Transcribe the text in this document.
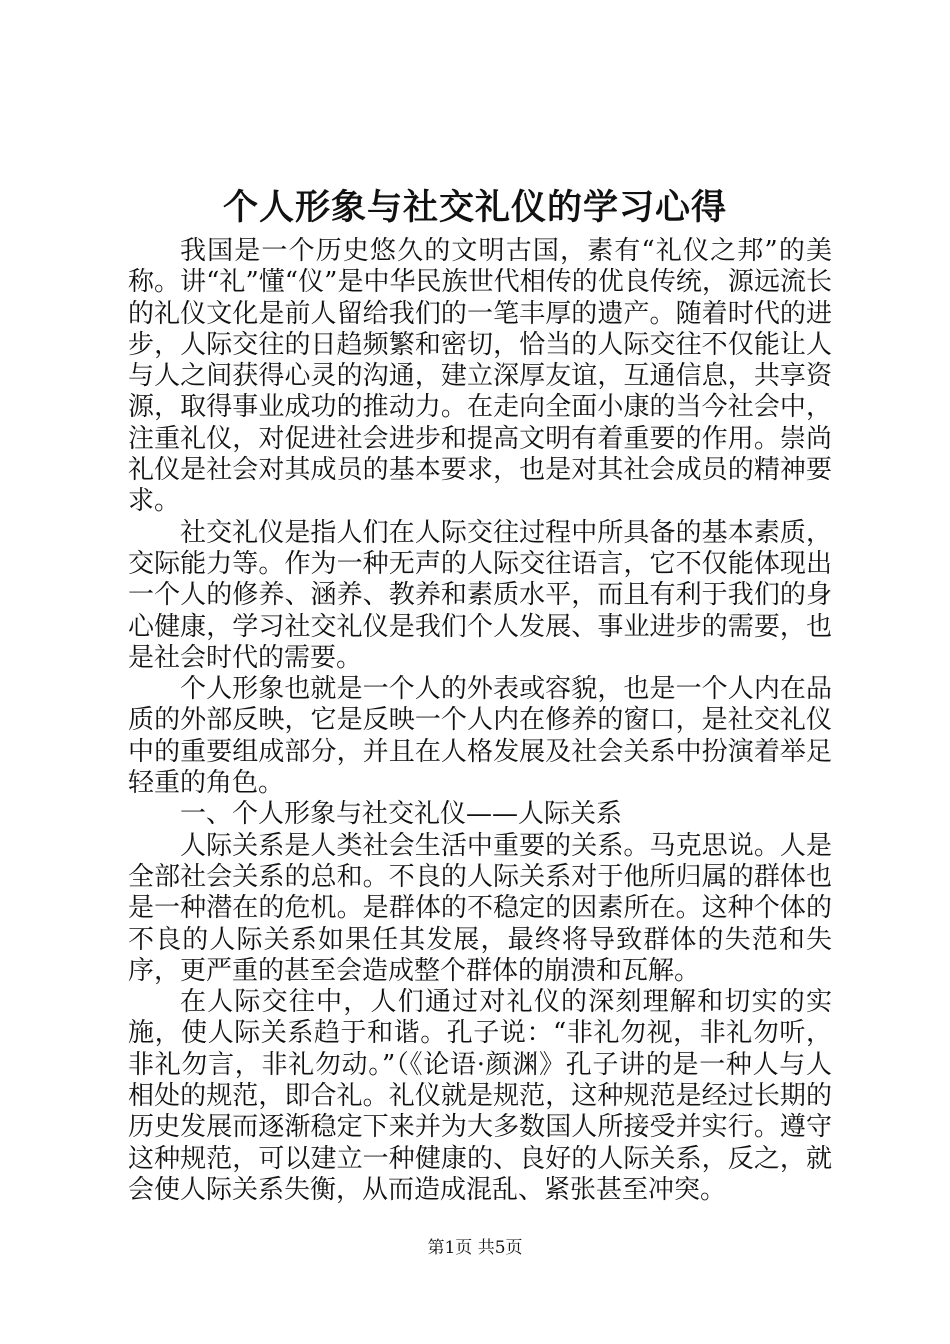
个人形象与社交礼仪的学习心得

我国是一个历史悠久的文明古国，素有“礼仪之邦”的美称。讲“礼”懂“仪”是中华民族世代相传的优良传统，源远流长的礼仪文化是前人留给我们的一笔丰厚的遗产。随着时代的进步，人际交往的日趋频繁和密切，恰当的人际交往不仅能让人与人之间获得心灵的沟通，建立深厚友谊，互通信息，共享资源，取得事业成功的推动力。在走向全面小康的当今社会中，注重礼仪，对促进社会进步和提高文明有着重要的作用。崇尚礼仪是社会对其成员的基本要求，也是对其社会成员的精神要求。

社交礼仪是指人们在人际交往过程中所具备的基本素质，交际能力等。作为一种无声的人际交往语言，它不仅能体现出一个人的修养、涵养、教养和素质水平，而且有利于我们的身心健康，学习社交礼仪是我们个人发展、事业进步的需要，也是社会时代的需要。

个人形象也就是一个人的外表或容貌，也是一个人内在品质的外部反映，它是反映一个人内在修养的窗口，是社交礼仪中的重要组成部分，并且在人格发展及社会关系中扮演着举足轻重的角色。

一、个人形象与社交礼仪——人际关系

人际关系是人类社会生活中重要的关系。马克思说。人是全部社会关系的总和。不良的人际关系对于他所归属的群体也是一种潜在的危机。是群体的不稳定的因素所在。这种个体的不良的人际关系如果任其发展，最终将导致群体的失范和失序，更严重的甚至会造成整个群体的崩溃和瓦解。

在人际交往中，人们通过对礼仪的深刻理解和切实的实施，使人际关系趋于和谐。孔子说：“非礼勿视，非礼勿听，非礼勿言，非礼勿动。”（《论语·颜渊》孔子讲的是一种人与人相处的规范，即合礼。礼仪就是规范，这种规范是经过长期的历史发展而逐渐稳定下来并为大多数国人所接受并实行。遵守这种规范，可以建立一种健康的、良好的人际关系，反之，就会使人际关系失衡，从而造成混乱、紧张甚至冲突。

第1页 共5页
